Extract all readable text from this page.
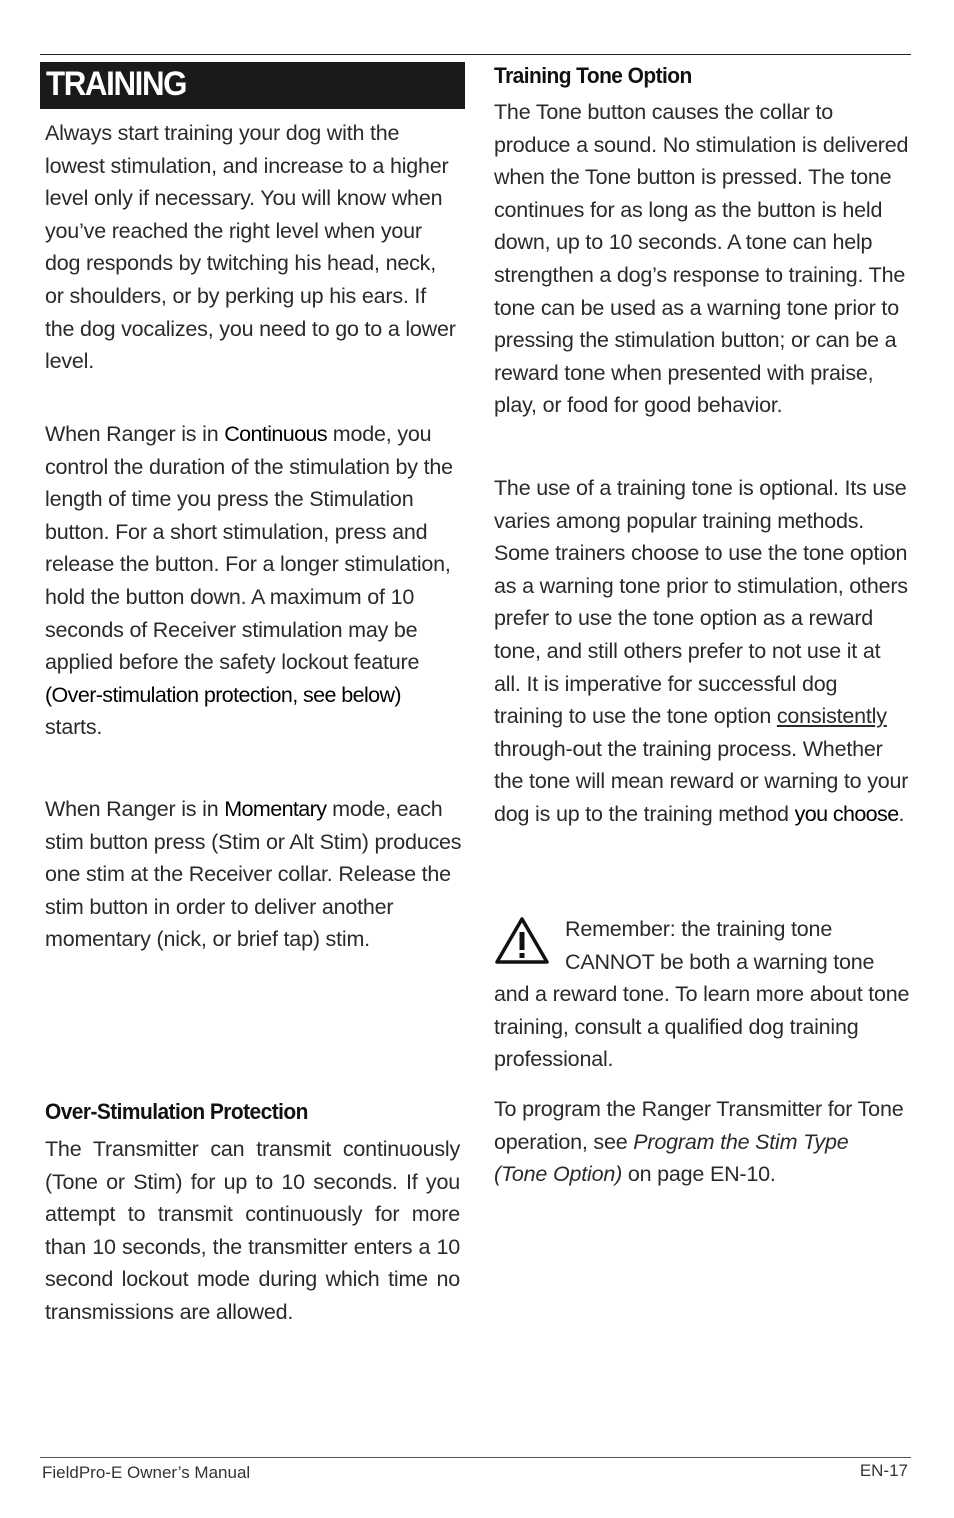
TRAINING

Always start training your dog with the lowest stimulation, and increase to a higher level only if necessary. You will know when you’ve reached the right level when your dog responds by twitching his head, neck, or shoulders, or by perking up his ears. If the dog vocalizes, you need to go to a lower level.

When Ranger is in Continuous mode, you control the duration of the stimulation by the length of time you press the Stimulation button. For a short stimulation, press and release the button. For a longer stimulation, hold the button down. A maximum of 10 seconds of Receiver stimulation may be applied before the safety lockout feature (Over-stimulation protection, see below) starts.

When Ranger is in Momentary mode, each stim button press (Stim or Alt Stim) produces one stim at the Receiver collar. Release the stim button in order to deliver another momentary (nick, or brief tap) stim.

Over-Stimulation Protection

The Transmitter can transmit continuously (Tone or Stim) for up to 10 seconds. If you attempt to transmit continuously for more than 10 seconds, the transmitter enters a 10 second lockout mode during which time no transmissions are allowed.

Training Tone Option

The Tone button causes the collar to produce a sound. No stimulation is delivered when the Tone button is pressed. The tone continues for as long as the button is held down, up to 10 seconds. A tone can help strengthen a dog’s response to training. The tone can be used as a warning tone prior to pressing the stimulation button; or can be a reward tone when presented with praise, play, or food for good behavior.

The use of a training tone is optional. Its use varies among popular training methods. Some trainers choose to use the tone option as a warning tone prior to stimulation, others prefer to use the tone option as a reward tone, and still others prefer to not use it at all. It is imperative for successful dog training to use the tone option consistently through-out the training process. Whether the tone will mean reward or warning to your dog is up to the training method you choose.

Remember: the training tone

CANNOT be both a warning tone

and a reward tone. To learn more about tone training, consult a qualified dog training professional.

To program the Ranger Transmitter for Tone operation, see Program the Stim Type (Tone Option) on page EN-10.

FieldPro-E Owner’s Manual	EN-17
